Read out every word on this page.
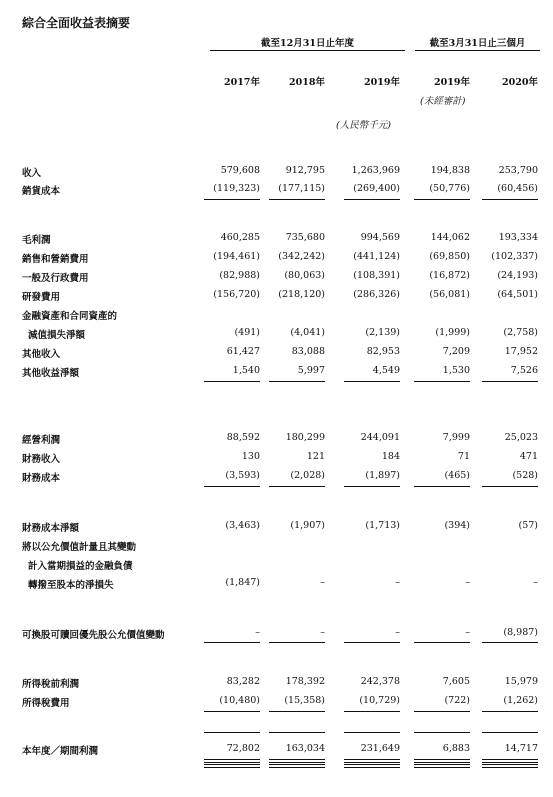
綜合全面收益表摘要
截至12月31日止年度	截至3月31日止三個月
2017年	2018年	2019年	2019年	2020年
(未經審計)
(人民幣千元)
收入	579,608	912,795	1,263,969	194,838	253,790
銷貨成本	(119,323)	(177,115)	(269,400)	(50,776)	(60,456)
毛利潤	460,285	735,680	994,569	144,062	193,334
銷售和營銷費用	(194,461)	(342,242)	(441,124)	(69,850)	(102,337)
一般及行政費用	(82,988)	(80,063)	(108,391)	(16,872)	(24,193)
研發費用	(156,720)	(218,120)	(286,326)	(56,081)	(64,501)
金融資產和合同資產的
減值損失淨額	(491)	(4,041)	(2,139)	(1,999)	(2,758)
其他收入	61,427	83,088	82,953	7,209	17,952
其他收益淨額	1,540	5,997	4,549	1,530	7,526
經營利潤	88,592	180,299	244,091	7,999	25,023
財務收入	130	121	184	71	471
財務成本	(3,593)	(2,028)	(1,897)	(465)	(528)
財務成本淨額	(3,463)	(1,907)	(1,713)	(394)	(57)
將以公允價值計量且其變動
計入當期損益的金融負債
轉撥至股本的淨損失	(1,847)	–	–	–	–
可換股可贖回優先股公允價值變動	–	–	–	–	(8,987)
所得稅前利潤	83,282	178,392	242,378	7,605	15,979
所得稅費用	(10,480)	(15,358)	(10,729)	(722)	(1,262)
本年度／期間利潤	72,802	163,034	231,649	6,883	14,717
